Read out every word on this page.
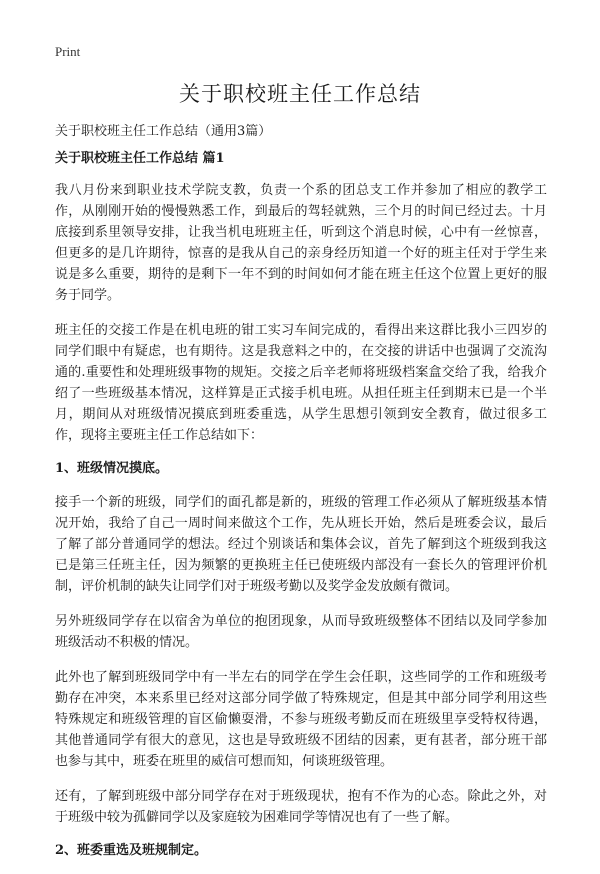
Print
关于职校班主任工作总结

关于职校班主任工作总结（通用3篇）

关于职校班主任工作总结 篇1

我八月份来到职业技术学院支教，负责一个系的团总支工作并参加了相应的教学工作，从刚刚开始的慢慢熟悉工作，到最后的驾轻就熟，三个月的时间已经过去。十月底接到系里领导安排，让我当机电班班主任，听到这个消息时候，心中有一丝惊喜，但更多的是几许期待，惊喜的是我从自己的亲身经历知道一个好的班主任对于学生来说是多么重要，期待的是剩下一年不到的时间如何才能在班主任这个位置上更好的服务于同学。

班主任的交接工作是在机电班的钳工实习车间完成的，看得出来这群比我小三四岁的同学们眼中有疑虑，也有期待。这是我意料之中的，在交接的讲话中也强调了交流沟通的.重要性和处理班级事物的规矩。交接之后辛老师将班级档案盒交给了我，给我介绍了一些班级基本情况，这样算是正式接手机电班。从担任班主任到期末已是一个半月，期间从对班级情况摸底到班委重选，从学生思想引领到安全教育，做过很多工作，现将主要班主任工作总结如下：

1、班级情况摸底。

接手一个新的班级，同学们的面孔都是新的，班级的管理工作必须从了解班级基本情况开始，我给了自己一周时间来做这个工作，先从班长开始，然后是班委会议，最后了解了部分普通同学的想法。经过个别谈话和集体会议，首先了解到这个班级到我这已是第三任班主任，因为频繁的更换班主任已使班级内部没有一套长久的管理评价机制，评价机制的缺失让同学们对于班级考勤以及奖学金发放颇有微词。

另外班级同学存在以宿舍为单位的抱团现象，从而导致班级整体不团结以及同学参加班级活动不积极的情况。

此外也了解到班级同学中有一半左右的同学在学生会任职，这些同学的工作和班级考勤存在冲突，本来系里已经对这部分同学做了特殊规定，但是其中部分同学利用这些特殊规定和班级管理的盲区偷懒耍滑，不参与班级考勤反而在班级里享受特权待遇，其他普通同学有很大的意见，这也是导致班级不团结的因素，更有甚者，部分班干部也参与其中，班委在班里的威信可想而知，何谈班级管理。

还有，了解到班级中部分同学存在对于班级现状，抱有不作为的心态。除此之外，对于班级中较为孤僻同学以及家庭较为困难同学等情况也有了一些了解。

2、班委重选及班规制定。
